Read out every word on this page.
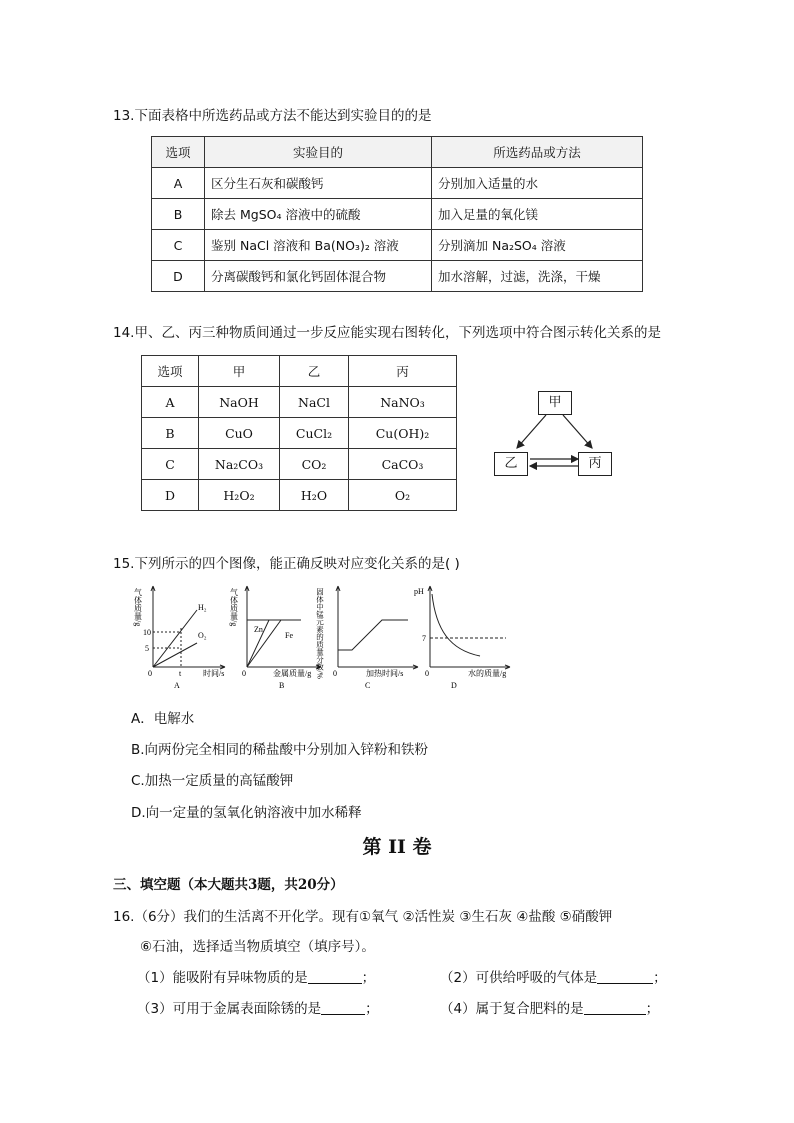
13.下面表格中所选药品或方法不能达到实验目的的是
选项	实验目的	所选药品或方法
A	区分生石灰和碳酸钙	分别加入适量的水
B	除去 MgSO₄ 溶液中的硫酸	加入足量的氧化镁
C	鉴别 NaCl 溶液和 Ba(NO₃)₂ 溶液	分别滴加 Na₂SO₄ 溶液
D	分离碳酸钙和氯化钙固体混合物	加水溶解，过滤，洗涤，干燥
14.甲、乙、丙三种物质间通过一步反应能实现右图转化，下列选项中符合图示转化关系的是
选项	甲	乙	丙
A	NaOH	NaCl	NaNO₃
B	CuO	CuCl₂	Cu(OH)₂
C	Na₂CO₃	CO₂	CaCO₃
D	H₂O₂	H₂O	O₂
甲
乙	丙
15.下列所示的四个图像，能正确反映对应变化关系的是( )
气体质量/g	H₂
O₂
10
5
0	t	时间/s
A
气体质量/g
Zn
Fe
0	金属质量/g
B
固体中锰元素的质量分数/% 0	加热时间/s
C
pH
7
0	水的质量/g
D
A．电解水
B.向两份完全相同的稀盐酸中分别加入锌粉和铁粉
C.加热一定质量的高锰酸钾
D.向一定量的氢氧化钠溶液中加水稀释
第 II 卷
三、填空题（本大题共3题，共20分）
16.（6分）我们的生活离不开化学。现有①氧气 ②活性炭 ③生石灰 ④盐酸 ⑤硝酸钾
⑥石油，选择适当物质填空（填序号）。
（1）能吸附有异味物质的是	；	（2）可供给呼吸的气体是	；
（3）可用于金属表面除锈的是	；	（4）属于复合肥料的是	；
